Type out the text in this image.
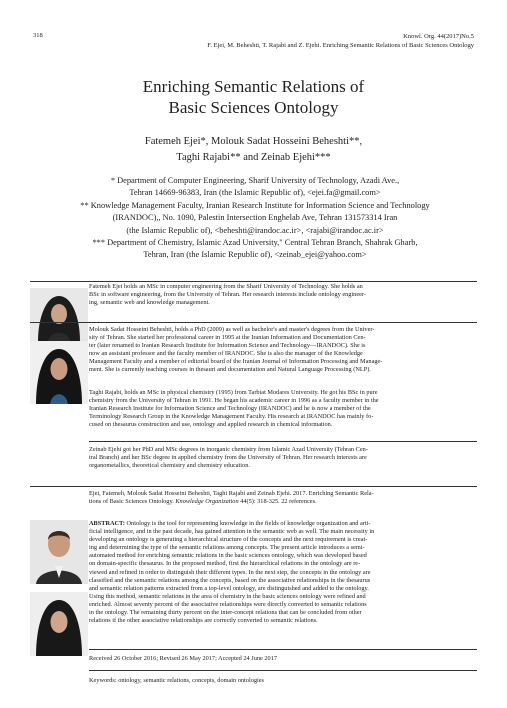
318	Knowl. Org. 44(2017)No.5
F. Ejei, M. Beheshti, T. Rajabi and Z. Ejehi. Enriching Semantic Relations of Basic Sciences Ontology
Enriching Semantic Relations of
Basic Sciences Ontology
Fatemeh Ejei*, Molouk Sadat Hosseini Beheshti**,
Taghi Rajabi** and Zeinab Ejehi***
* Department of Computer Engineering, Sharif University of Technology, Azadi Ave.,
Tehran 14669-96383, Iran (the Islamic Republic of), <ejei.fa@gmail.com>
** Knowledge Management Faculty, Iranian Research Institute for Information Science and Technology
(IRANDOC),, No. 1090, Palestin Intersection Enghelab Ave, Tehran 131573314 Iran
(the Islamic Republic of), <beheshti@irandoc.ac.ir>, <rajabi@irandoc.ac.ir>
*** Department of Chemistry, Islamic Azad University," Central Tehran Branch, Shahrak Gharb,
Tehran, Iran (the Islamic Republic of), <zeinab_ejei@yahoo.com>
Fatemeh Ejei holds an MSc in computer engineering from the Sharif University of Technology. She holds an
BSc in software engineering, from the University of Tehran. Her research interests include ontology engineer-
ing, semantic web and knowledge management.
Molouk Sadat Hosseini Beheshti, holds a PhD (2009) as well as bachelor's and master's degrees from the Univer-
sity of Tehran. She started her professional career in 1995 at the Iranian Information and Documentation Cen-
ter (later renamed to Iranian Research Institute for Information Science and Technology—IRANDOC). She is
now an assistant professor and the faculty member of IRANDOC. She is also the manager of the Knowledge
Management Faculty and a member of editorial board of the Iranian Journal of Information Processing and Manage-
ment. She is currently teaching courses in thesauri and documentation and Natural Language Processing (NLP).
Taghi Rajabi, holds an MSc in physical chemistry (1995) from Tarbiat Modares University. He got his BSc in pure
chemistry from the University of Tehran in 1991. He began his academic career in 1996 as a faculty member in the
Iranian Research Institute for Information Science and Technology (IRANDOC) and he is now a member of the
Terminology Research Group in the Knowledge Management Faculty. His research at IRANDOC has mainly fo-
cused on thesaurus construction and use, ontology and applied research in chemical information.
Zeinab Ejehi got her PhD and MSc degrees in inorganic chemistry from Islamic Azad University (Tehran Cen-
tral Branch) and her BSc degree in applied chemistry from the University of Tehran. Her research interests are
organometallics, theoretical chemistry and chemistry education.
Ejei, Fatemeh, Molouk Sadat Hosseini Beheshti, Taghi Rajabi and Zeinab Ejehi. 2017. Enriching Semantic Rela-
tions of Basic Sciences Ontology. Knowledge Organization 44(5): 318-325. 22 references.
ABSTRACT: Ontology is the tool for representing knowledge in the fields of knowledge organization and arti-
ficial intelligence, and in the past decade, has gained attention in the semantic web as well. The main necessity in
developing an ontology is generating a hierarchical structure of the concepts and the next requirement is creat-
ing and determining the type of the semantic relations among concepts. The present article introduces a semi-
automated method for enriching semantic relations in the basic sciences ontology, which was developed based
on domain-specific thesaurus. In the proposed method, first the hierarchical relations in the ontology are re-
viewed and refined in order to distinguish their different types. In the next step, the concepts in the ontology are
classified and the semantic relations among the concepts, based on the associative relationships in the thesaurus
and semantic relation patterns extracted from a top-level ontology, are distinguished and added to the ontology.
Using this method, semantic relations in the area of chemistry in the basic sciences ontology were refined and
enriched. Almost seventy percent of the associative relationships were directly converted to semantic relations
in the ontology. The remaining thirty percent on the inter-concept relations that can be concluded from other
relations if the other associative relationships are correctly converted to semantic relations.
Received 26 October 2016; Revised 26 May 2017; Accepted 24 June 2017
Keywords: ontology, semantic relations, concepts, domain ontologies
